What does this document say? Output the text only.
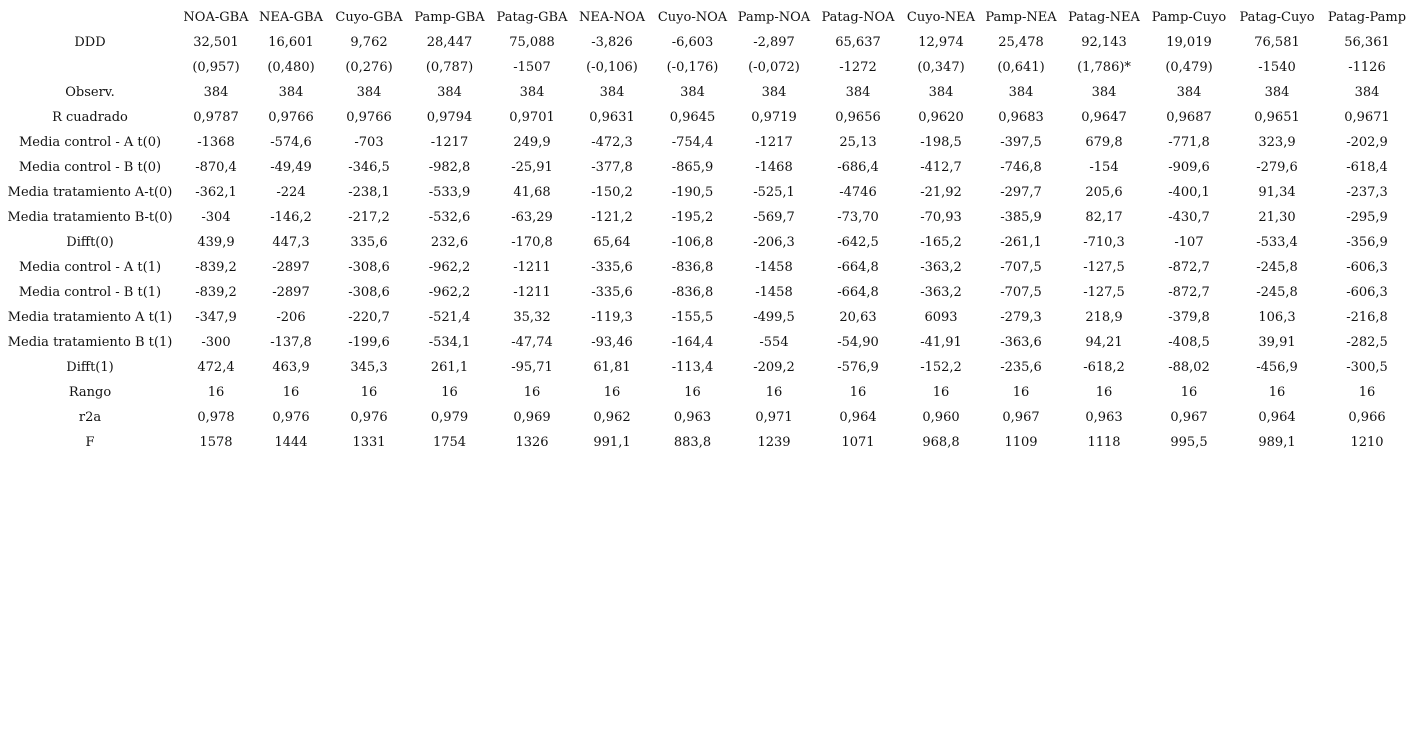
	NOA-GBA	NEA-GBA	Cuyo-GBA	Pamp-GBA	Patag-GBA	NEA-NOA	Cuyo-NOA	Pamp-NOA	Patag-NOA	Cuyo-NEA	Pamp-NEA	Patag-NEA	Pamp-Cuyo	Patag-Cuyo	Patag-Pamp
DDD	32,501	16,601	9,762	28,447	75,088	-3,826	-6,603	-2,897	65,637	12,974	25,478	92,143	19,019	76,581	56,361
	(0,957)	(0,480)	(0,276)	(0,787)	-1507	(-0,106)	(-0,176)	(-0,072)	-1272	(0,347)	(0,641)	(1,786)*	(0,479)	-1540	-1126
Observ.	384	384	384	384	384	384	384	384	384	384	384	384	384	384	384
R cuadrado	0,9787	0,9766	0,9766	0,9794	0,9701	0,9631	0,9645	0,9719	0,9656	0,9620	0,9683	0,9647	0,9687	0,9651	0,9671
Media control - A t(0)	-1368	-574,6	-703	-1217	249,9	-472,3	-754,4	-1217	25,13	-198,5	-397,5	679,8	-771,8	323,9	-202,9
Media control - B t(0)	-870,4	-49,49	-346,5	-982,8	-25,91	-377,8	-865,9	-1468	-686,4	-412,7	-746,8	-154	-909,6	-279,6	-618,4
Media tratamiento A-t(0)	-362,1	-224	-238,1	-533,9	41,68	-150,2	-190,5	-525,1	-4746	-21,92	-297,7	205,6	-400,1	91,34	-237,3
Media tratamiento B-t(0)	-304	-146,2	-217,2	-532,6	-63,29	-121,2	-195,2	-569,7	-73,70	-70,93	-385,9	82,17	-430,7	21,30	-295,9
Difft(0)	439,9	447,3	335,6	232,6	-170,8	65,64	-106,8	-206,3	-642,5	-165,2	-261,1	-710,3	-107	-533,4	-356,9
Media control - A t(1)	-839,2	-2897	-308,6	-962,2	-1211	-335,6	-836,8	-1458	-664,8	-363,2	-707,5	-127,5	-872,7	-245,8	-606,3
Media control - B t(1)	-839,2	-2897	-308,6	-962,2	-1211	-335,6	-836,8	-1458	-664,8	-363,2	-707,5	-127,5	-872,7	-245,8	-606,3
Media tratamiento A t(1)	-347,9	-206	-220,7	-521,4	35,32	-119,3	-155,5	-499,5	20,63	6093	-279,3	218,9	-379,8	106,3	-216,8
Media tratamiento B t(1)	-300	-137,8	-199,6	-534,1	-47,74	-93,46	-164,4	-554	-54,90	-41,91	-363,6	94,21	-408,5	39,91	-282,5
Difft(1)	472,4	463,9	345,3	261,1	-95,71	61,81	-113,4	-209,2	-576,9	-152,2	-235,6	-618,2	-88,02	-456,9	-300,5
Rango	16	16	16	16	16	16	16	16	16	16	16	16	16	16	16
r2a	0,978	0,976	0,976	0,979	0,969	0,962	0,963	0,971	0,964	0,960	0,967	0,963	0,967	0,964	0,966
F	1578	1444	1331	1754	1326	991,1	883,8	1239	1071	968,8	1109	1118	995,5	989,1	1210
